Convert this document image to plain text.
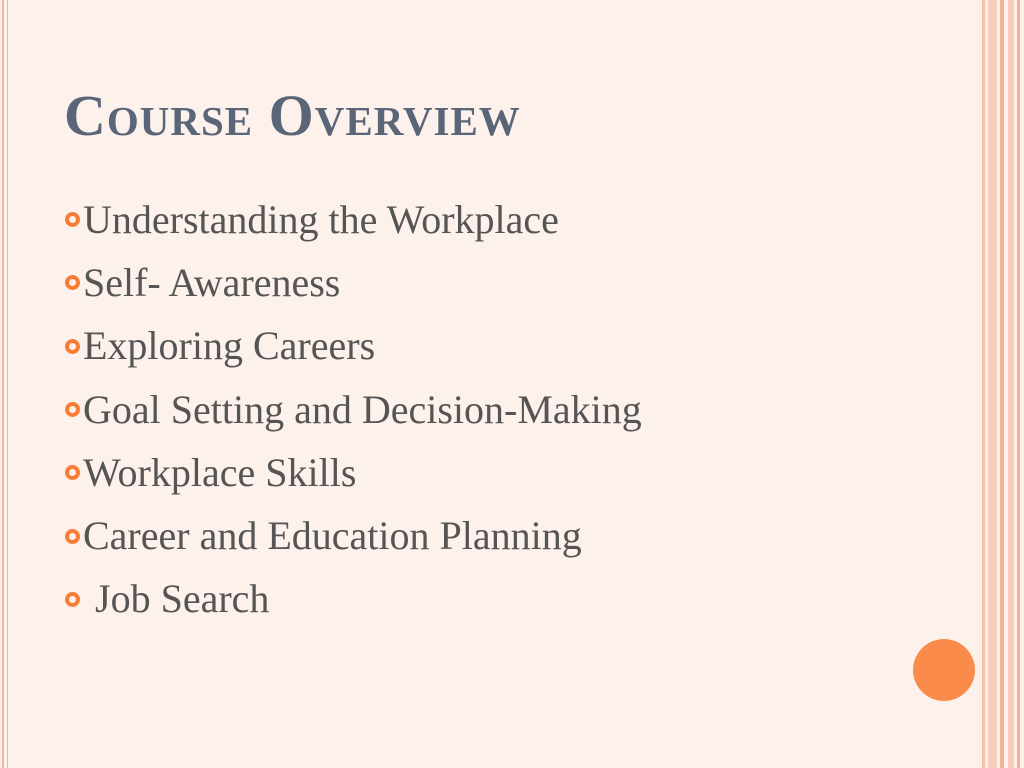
Course Overview
Understanding the Workplace
Self- Awareness
Exploring Careers
Goal Setting and Decision-Making
Workplace Skills
Career and Education Planning
Job Search
